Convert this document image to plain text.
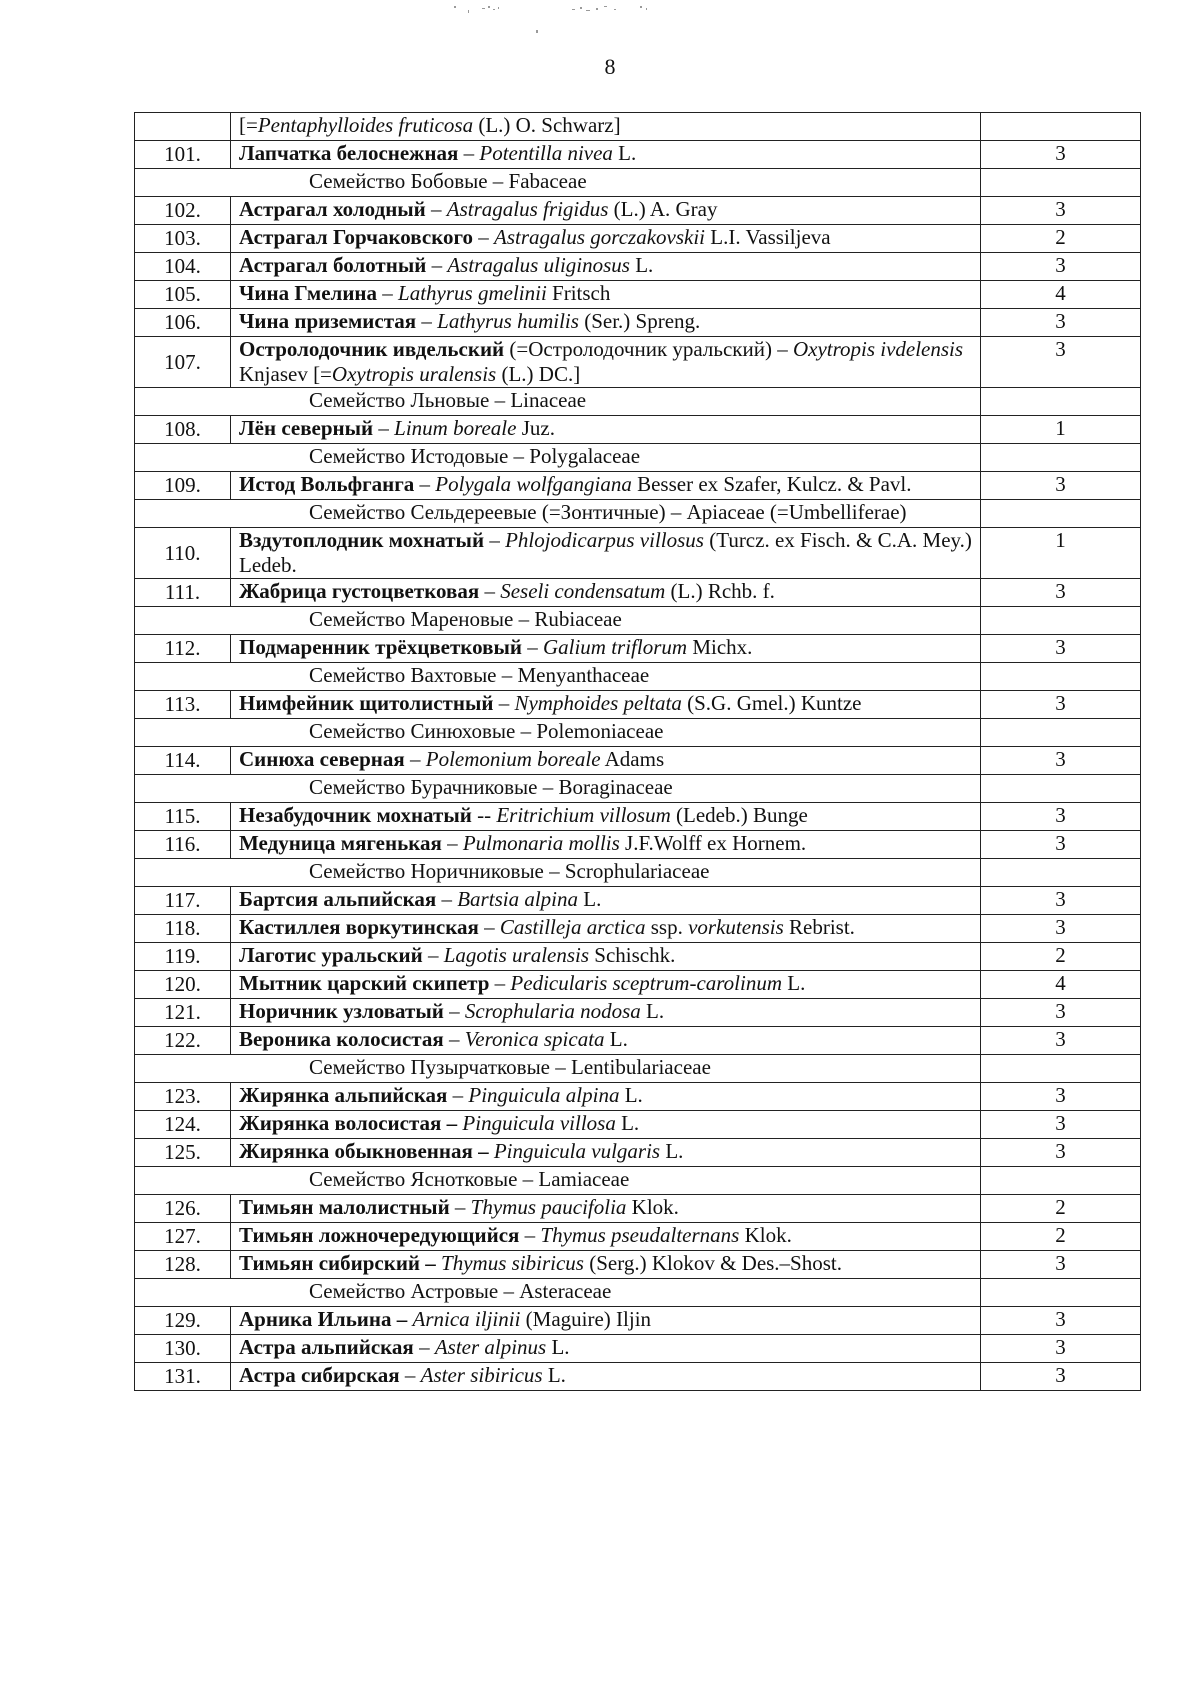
8
	[=Pentaphylloides fruticosa (L.) O. Schwarz]	
101.	Лапчатка белоснежная – Potentilla nivea L.	3
Семейство Бобовые – Fabaceae		
102.	Астрагал холодный – Astragalus frigidus (L.) A. Gray	3
103.	Астрагал Горчаковского – Astragalus gorczakovskii L.I. Vassiljeva	2
104.	Астрагал болотный – Astragalus uliginosus L.	3
105.	Чина Гмелина – Lathyrus gmelinii Fritsch	4
106.	Чина приземистая – Lathyrus humilis (Ser.) Spreng.	3
107.	Остролодочник ивдельский (=Остролодочник уральский) – Oxytropis ivdelensis Knjasev [=Oxytropis uralensis (L.) DC.]	3
Семейство Льновые – Linaceae		
108.	Лён северный – Linum boreale Juz.	1
Семейство Истодовые – Polygalaceae		
109.	Истод Вольфганга – Polygala wolfgangiana Besser ex Szafer, Kulcz. & Pavl.	3
Семейство Сельдереевые (=Зонтичные) – Apiaceae (=Umbelliferae)		
110.	Вздутоплодник мохнатый – Phlojodicarpus villosus (Turcz. ex Fisch. & C.A. Mey.) Ledeb.	1
111.	Жабрица густоцветковая – Seseli condensatum (L.) Rchb. f.	3
Семейство Мареновые – Rubiaceae		
112.	Подмаренник трёхцветковый – Galium triflorum Michx.	3
Семейство Вахтовые – Menyanthaceae		
113.	Нимфейник щитолистный – Nymphoides peltata (S.G. Gmel.) Kuntze	3
Семейство Синюховые – Polemoniaceae		
114.	Синюха северная – Polemonium boreale Adams	3
Семейство Бурачниковые – Boraginaceae		
115.	Незабудочник мохнатый -- Eritrichium villosum (Ledeb.) Bunge	3
116.	Медуница мягенькая – Pulmonaria mollis J.F.Wolff ex Hornem.	3
Семейство Норичниковые – Scrophulariaceae		
117.	Бартсия альпийская – Bartsia alpina L.	3
118.	Кастиллея воркутинская – Castilleja arctica ssp. vorkutensis Rebrist.	3
119.	Лаготис уральский – Lagotis uralensis Schischk.	2
120.	Мытник царский скипетр – Pedicularis sceptrum-carolinum L.	4
121.	Норичник узловатый – Scrophularia nodosa L.	3
122.	Вероника колосистая – Veronica spicata L.	3
Семейство Пузырчатковые – Lentibulariaceae		
123.	Жирянка альпийская – Pinguicula alpina L.	3
124.	Жирянка волосистая – Pinguicula villosa L.	3
125.	Жирянка обыкновенная – Pinguicula vulgaris L.	3
Семейство Яснотковые – Lamiaceae		
126.	Тимьян малолистный – Thymus paucifolia Klok.	2
127.	Тимьян ложночередующийся – Thymus pseudalternans Klok.	2
128.	Тимьян сибирский – Thymus sibiricus (Serg.) Klokov & Des.–Shost.	3
Семейство Астровые – Asteraceae		
129.	Арника Ильина – Arnica iljinii (Maguire) Iljin	3
130.	Астра альпийская – Aster alpinus L.	3
131.	Астра сибирская – Aster sibiricus L.	3
